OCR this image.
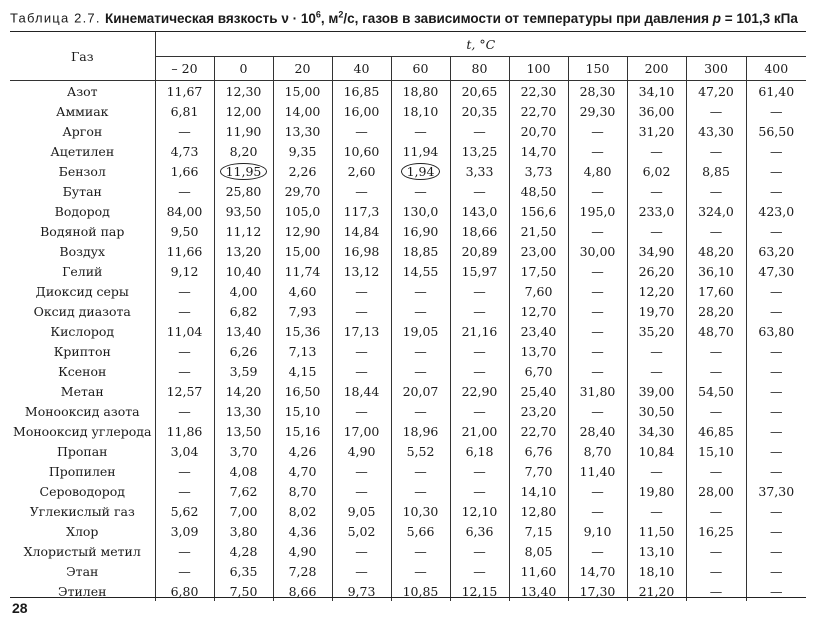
Таблица 2.7. Кинематическая вязкость $\nu \cdot 10^6$, $м^2/с$, газов в зависимости от температуры при давления p = 101,3 кПа
Газ	t, °C										
	– 20	0	20	40	60	80	100	150	200	300	400
Азот	11,67	12,30	15,00	16,85	18,80	20,65	22,30	28,30	34,10	47,20	61,40
Аммиак	6,81	12,00	14,00	16,00	18,10	20,35	22,70	29,30	36,00	—	—
Аргон	—	11,90	13,30	—	—	—	20,70	—	31,20	43,30	56,50
Ацетилен	4,73	8,20	9,35	10,60	11,94	13,25	14,70	—	—	—	—
Бензол	1,66	11,95	2,26	2,60	1,94	3,33	3,73	4,80	6,02	8,85	—
Бутан	—	25,80	29,70	—	—	—	48,50	—	—	—	—
Водород	84,00	93,50	105,0	117,3	130,0	143,0	156,6	195,0	233,0	324,0	423,0
Водяной пар	9,50	11,12	12,90	14,84	16,90	18,66	21,50	—	—	—	—
Воздух	11,66	13,20	15,00	16,98	18,85	20,89	23,00	30,00	34,90	48,20	63,20
Гелий	9,12	10,40	11,74	13,12	14,55	15,97	17,50	—	26,20	36,10	47,30
Диоксид серы	—	4,00	4,60	—	—	—	7,60	—	12,20	17,60	—
Оксид диазота	—	6,82	7,93	—	—	—	12,70	—	19,70	28,20	—
Кислород	11,04	13,40	15,36	17,13	19,05	21,16	23,40	—	35,20	48,70	63,80
Криптон	—	6,26	7,13	—	—	—	13,70	—	—	—	—
Ксенон	—	3,59	4,15	—	—	—	6,70	—	—	—	—
Метан	12,57	14,20	16,50	18,44	20,07	22,90	25,40	31,80	39,00	54,50	—
Монооксид азота	—	13,30	15,10	—	—	—	23,20	—	30,50	—	—
Монооксид углерода	11,86	13,50	15,16	17,00	18,96	21,00	22,70	28,40	34,30	46,85	—
Пропан	3,04	3,70	4,26	4,90	5,52	6,18	6,76	8,70	10,84	15,10	—
Пропилен	—	4,08	4,70	—	—	—	7,70	11,40	—	—	—
Сероводород	—	7,62	8,70	—	—	—	14,10	—	19,80	28,00	37,30
Углекислый газ	5,62	7,00	8,02	9,05	10,30	12,10	12,80	—	—	—	—
Хлор	3,09	3,80	4,36	5,02	5,66	6,36	7,15	9,10	11,50	16,25	—
Хлористый метил	—	4,28	4,90	—	—	—	8,05	—	13,10	—	—
Этан	—	6,35	7,28	—	—	—	11,60	14,70	18,10	—	—
Этилен	6,80	7,50	8,66	9,73	10,85	12,15	13,40	17,30	21,20	—	—
28
